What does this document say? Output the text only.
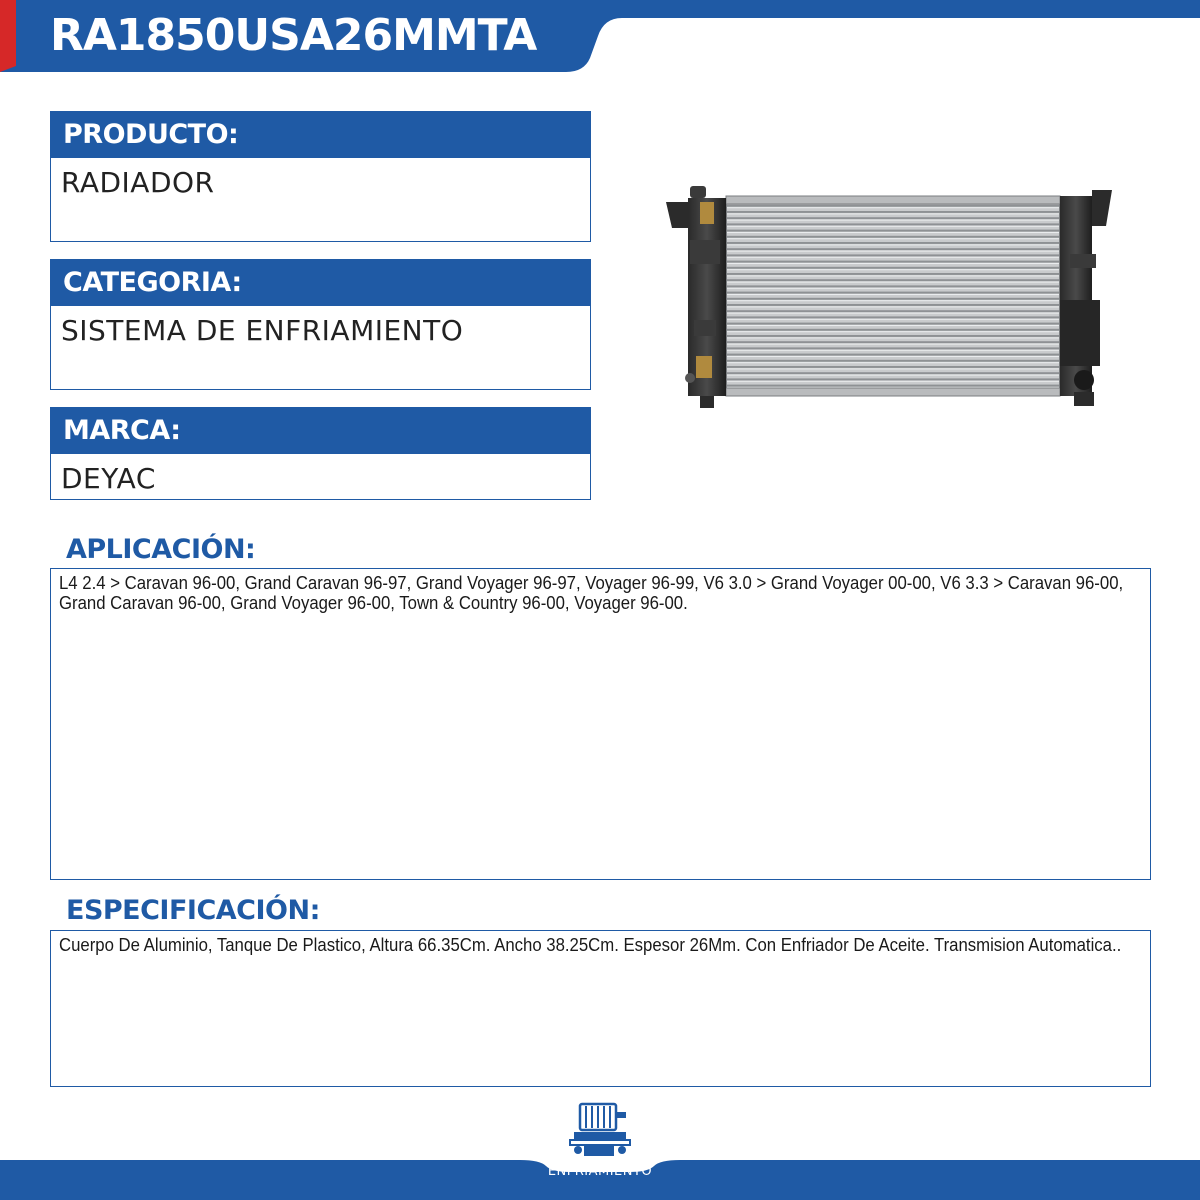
RA1850USA26MMTA
PRODUCTO:
RADIADOR
CATEGORIA:
SISTEMA DE ENFRIAMIENTO
MARCA:
DEYAC
APLICACIÓN:
L4 2.4 > Caravan 96-00, Grand Caravan 96-97, Grand Voyager 96-97, Voyager 96-99, V6 3.0 > Grand Voyager 00-00, V6 3.3 > Caravan 96-00, Grand Caravan 96-00, Grand Voyager 96-00, Town & Country 96-00, Voyager 96-00.
ESPECIFICACIÓN:
Cuerpo De Aluminio, Tanque De Plastico, Altura 66.35Cm. Ancho 38.25Cm. Espesor 26Mm. Con Enfriador De Aceite. Transmision Automatica..
ENFRIAMIENTO
